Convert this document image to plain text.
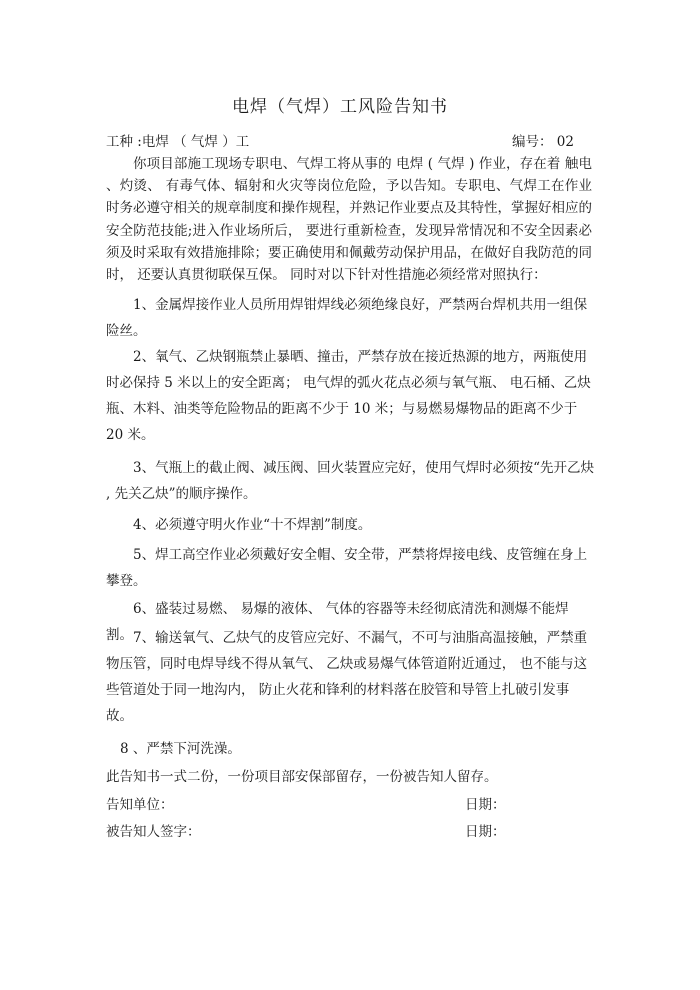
电焊（气焊）工风险告知书
工种 :电焊 （ 气焊 ）工	编号： 02
你项目部施工现场专职电、气焊工将从事的 电焊 ( 气焊 ) 作业，存在着 触电 、灼烫、 有毒气体、辐射和火灾等岗位危险，予以告知。专职电、气焊工在作业时务必遵守相关的规章制度和操作规程，并熟记作业要点及其特性，掌握好相应的安全防范技能;进入作业场所后， 要进行重新检查，发现异常情况和不安全因素必须及时采取有效措施排除；要正确使用和佩戴劳动保护用品，在做好自我防范的同时， 还要认真贯彻联保互保。 同时对以下针对性措施必须经常对照执行：
1、金属焊接作业人员所用焊钳焊线必须绝缘良好，严禁两台焊机共用一组保险丝。
2、氧气、乙炔钢瓶禁止暴晒、撞击，严禁存放在接近热源的地方，两瓶使用时必保持 5 米以上的安全距离； 电气焊的弧火花点必须与氧气瓶、 电石桶、乙炔瓶、木料、油类等危险物品的距离不少于 10 米；与易燃易爆物品的距离不少于 20 米。
3、气瓶上的截止阀、减压阀、回火装置应完好，使用气焊时必须按“先开乙炔 , 先关乙炔”的顺序操作。
4、必须遵守明火作业“十不焊割”制度。
5、焊工高空作业必须戴好安全帽、安全带，严禁将焊接电线、皮管缠在身上攀登。
6、盛装过易燃、 易爆的液体、 气体的容器等未经彻底清洗和测爆不能焊割。 7、输送氧气、乙炔气的皮管应完好、不漏气，不可与油脂高温接触，严禁重物压管，同时电焊导线不得从氧气、 乙炔或易爆气体管道附近通过， 也不能与这些管道处于同一地沟内， 防止火花和锋利的材料落在胶管和导管上扎破引发事故。
8 、严禁下河洗澡。
此告知书一式二份，一份项目部安保部留存，一份被告知人留存。
告知单位：	日期：
被告知人签字：	日期：
